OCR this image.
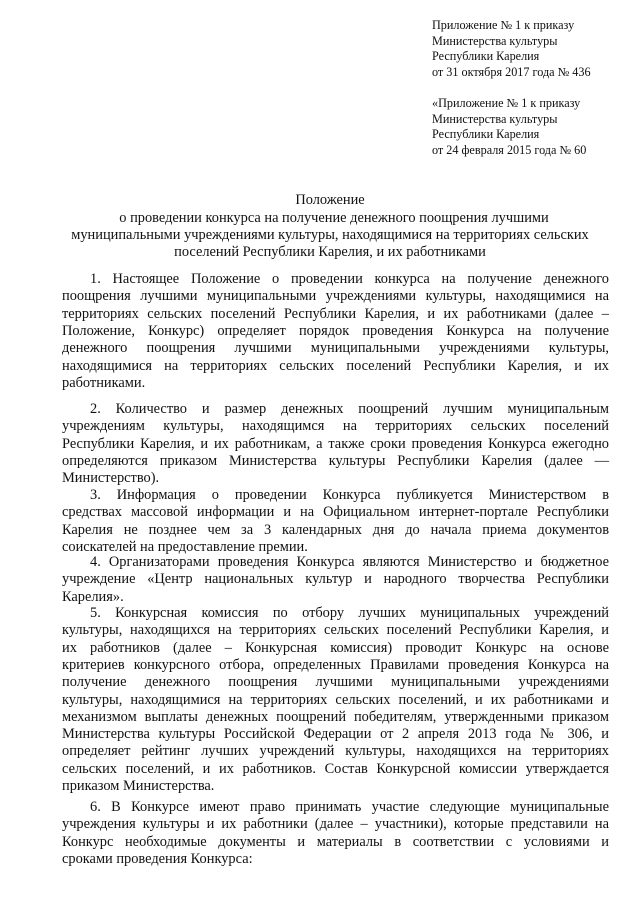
Приложение № 1 к приказу
Министерства культуры
Республики Карелия
от 31 октября 2017 года № 436
«Приложение № 1 к приказу
Министерства культуры
Республики Карелия
от 24 февраля 2015 года № 60
Положение
о проведении конкурса на получение денежного поощрения лучшими
муниципальными учреждениями культуры, находящимися на территориях сельских
поселений Республики Карелия, и их работниками
1. Настоящее Положение о проведении конкурса на получение денежного
поощрения лучшими муниципальными учреждениями культуры, находящимися на
территориях сельских поселений Республики Карелия, и их работниками (далее –
Положение, Конкурс) определяет порядок проведения Конкурса на получение
денежного поощрения лучшими муниципальными учреждениями культуры,
находящимися на территориях сельских поселений Республики Карелия, и их
работниками.
2. Количество и размер денежных поощрений лучшим муниципальным
учреждениям культуры, находящимся на территориях сельских поселений
Республики Карелия, и их работникам, а также сроки проведения Конкурса ежегодно
определяются приказом Министерства культуры Республики Карелия (далее —
Министерство).
3. Информация о проведении Конкурса публикуется Министерством в
средствах массовой информации и на Официальном интернет-портале Республики
Карелия не позднее чем за 3 календарных дня до начала приема документов
соискателей на предоставление премии.
4. Организаторами проведения Конкурса являются Министерство и бюджетное
учреждение «Центр национальных культур и народного творчества Республики
Карелия».
5. Конкурсная комиссия по отбору лучших муниципальных учреждений
культуры, находящихся на территориях сельских поселений Республики Карелия, и
их работников (далее – Конкурсная комиссия) проводит Конкурс на основе
критериев конкурсного отбора, определенных Правилами проведения Конкурса на
получение денежного поощрения лучшими муниципальными учреждениями
культуры, находящимися на территориях сельских поселений, и их работниками и
механизмом выплаты денежных поощрений победителям, утвержденными приказом
Министерства культуры Российской Федерации от 2 апреля 2013 года № 306, и
определяет рейтинг лучших учреждений культуры, находящихся на территориях
сельских поселений, и их работников. Состав Конкурсной комиссии утверждается
приказом Министерства.
6. В Конкурсе имеют право принимать участие следующие муниципальные
учреждения культуры и их работники (далее – участники), которые представили на
Конкурс необходимые документы и материалы в соответствии с условиями и
сроками проведения Конкурса:
